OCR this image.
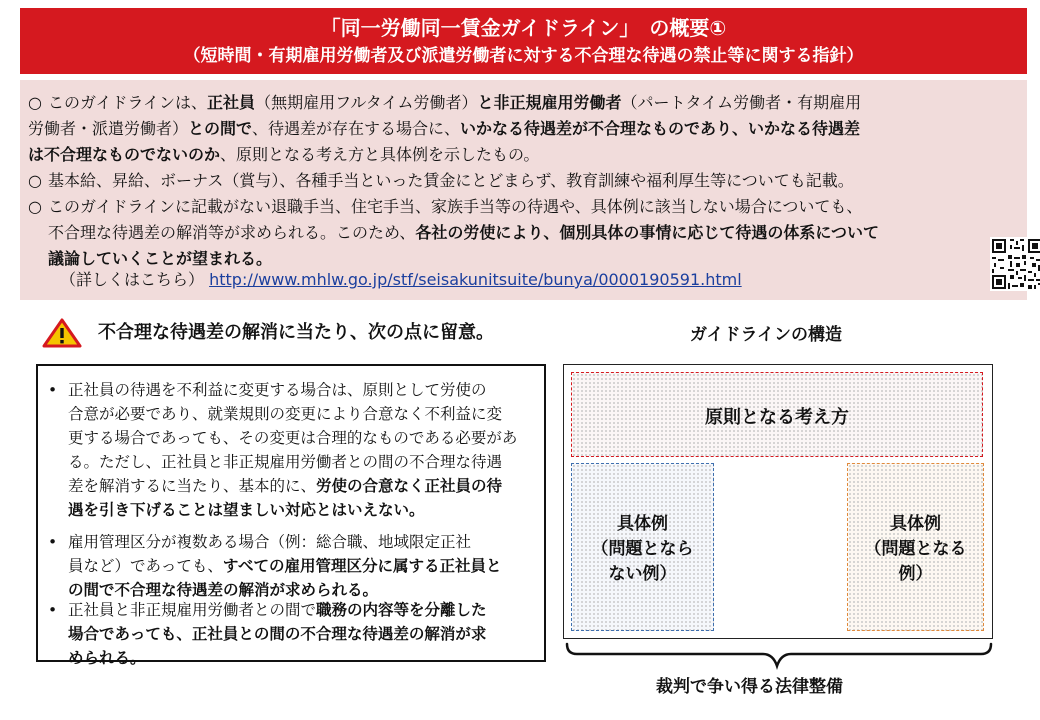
「同一労働同一賃金ガイドライン」　の概要①
（短時間・有期雇用労働者及び派遣労働者に対する不合理な待遇の禁止等に関する指針）
○ このガイドラインは、正社員（無期雇用フルタイム労働者）と非正規雇用労働者（パートタイム労働者・有期雇用
労働者・派遣労働者）との間で、待遇差が存在する場合に、いかなる待遇差が不合理なものであり、いかなる待遇差
は不合理なものでないのか、原則となる考え方と具体例を示したもの。
○ 基本給、昇給、ボーナス（賞与）、各種手当といった賃金にとどまらず、教育訓練や福利厚生等についても記載。
○ このガイドラインに記載がない退職手当、住宅手当、家族手当等の待遇や、具体例に該当しない場合についても、
不合理な待遇差の解消等が求められる。このため、各社の労使により、個別具体の事情に応じて待遇の体系について
議論していくことが望まれる。
（詳しくはこちら） http://www.mhlw.go.jp/stf/seisakunitsuite/bunya/0000190591.html
不合理な待遇差の解消に当たり、次の点に留意。
• 正社員の待遇を不利益に変更する場合は、原則として労使の
合意が必要であり、就業規則の変更により合意なく不利益に変
更する場合であっても、その変更は合理的なものである必要があ
る。ただし、正社員と非正規雇用労働者との間の不合理な待遇
差を解消するに当たり、基本的に、労使の合意なく正社員の待
遇を引き下げることは望ましい対応とはいえない。
• 雇用管理区分が複数ある場合（例：総合職、地域限定正社
員など）であっても、すべての雇用管理区分に属する正社員と
の間で不合理な待遇差の解消が求められる。
• 正社員と非正規雇用労働者との間で職務の内容等を分離した
場合であっても、正社員との間の不合理な待遇差の解消が求
められる。
ガイドラインの構造
原則となる考え方
具体例
（問題となら
ない例）
具体例
（問題となる
例）
裁判で争い得る法律整備
